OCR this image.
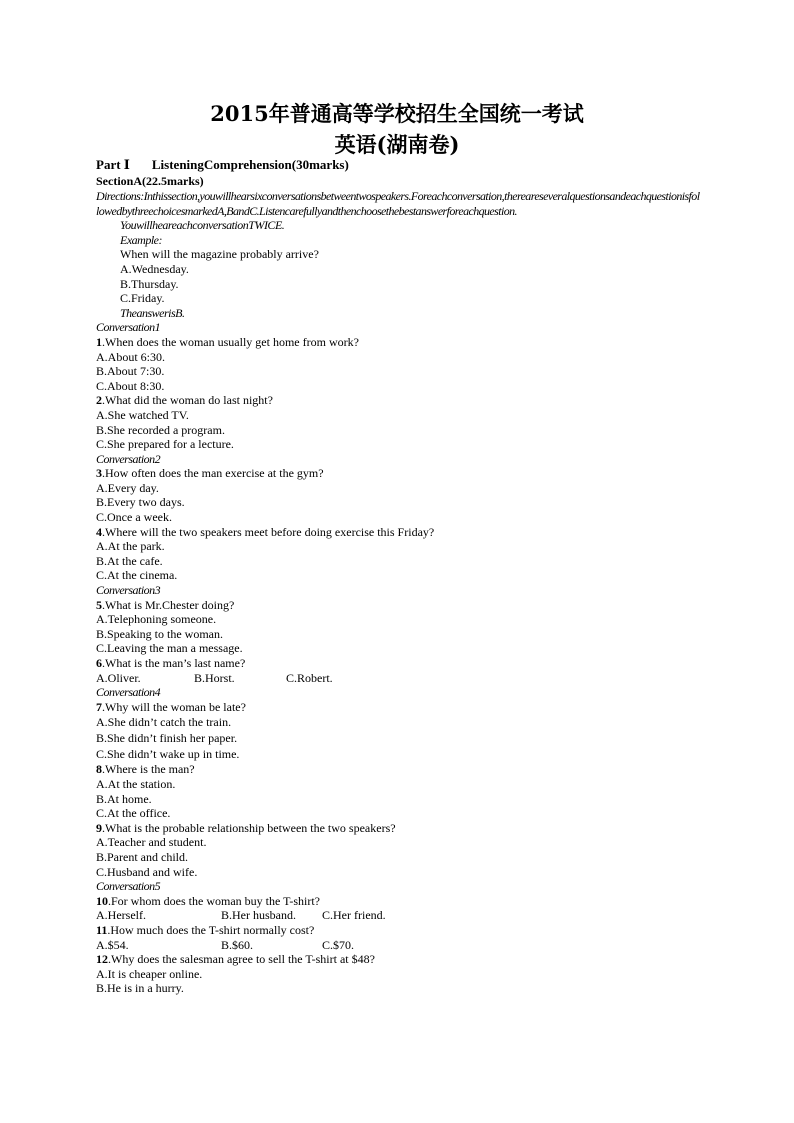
2015年普通高等学校招生全国统一考试
英语(湖南卷)
Part Ⅰ ListeningComprehension(30marks)
SectionA(22.5marks)
Directions:Inthissection,youwillhearsixconversationsbetweentwospeakers.Foreachconversation,thereareseveralquestionsandeachquestionisfollowedbythreechoicesmarkedA,BandC.Listencarefullyandthenchoosethebestanswerforeachquestion.
YouwillheareachconversationTWICE.
Example:
When will the magazine probably arrive?
A.Wednesday.
B.Thursday.
C.Friday.
TheanswerisB.
Conversation1
1.When does the woman usually get home from work?
A.About 6:30.
B.About 7:30.
C.About 8:30.
2.What did the woman do last night?
A.She watched TV.
B.She recorded a program.
C.She prepared for a lecture.
Conversation2
3.How often does the man exercise at the gym?
A.Every day.
B.Every two days.
C.Once a week.
4.Where will the two speakers meet before doing exercise this Friday?
A.At the park.
B.At the cafe.
C.At the cinema.
Conversation3
5.What is Mr.Chester doing?
A.Telephoning someone.
B.Speaking to the woman.
C.Leaving the man a message.
6.What is the man’s last name?
A.Oliver.	B.Horst.	C.Robert.
Conversation4
7.Why will the woman be late?
A.She didn’t catch the train.
B.She didn’t finish her paper.
C.She didn’t wake up in time.
8.Where is the man?
A.At the station.
B.At home.
C.At the office.
9.What is the probable relationship between the two speakers?
A.Teacher and student.
B.Parent and child.
C.Husband and wife.
Conversation5
10.For whom does the woman buy the T-shirt?
A.Herself.	B.Her husband. C.Her friend.
11.How much does the T-shirt normally cost?
A.$54.	B.$60.	C.$70.
12.Why does the salesman agree to sell the T-shirt at $48?
A.It is cheaper online.
B.He is in a hurry.
